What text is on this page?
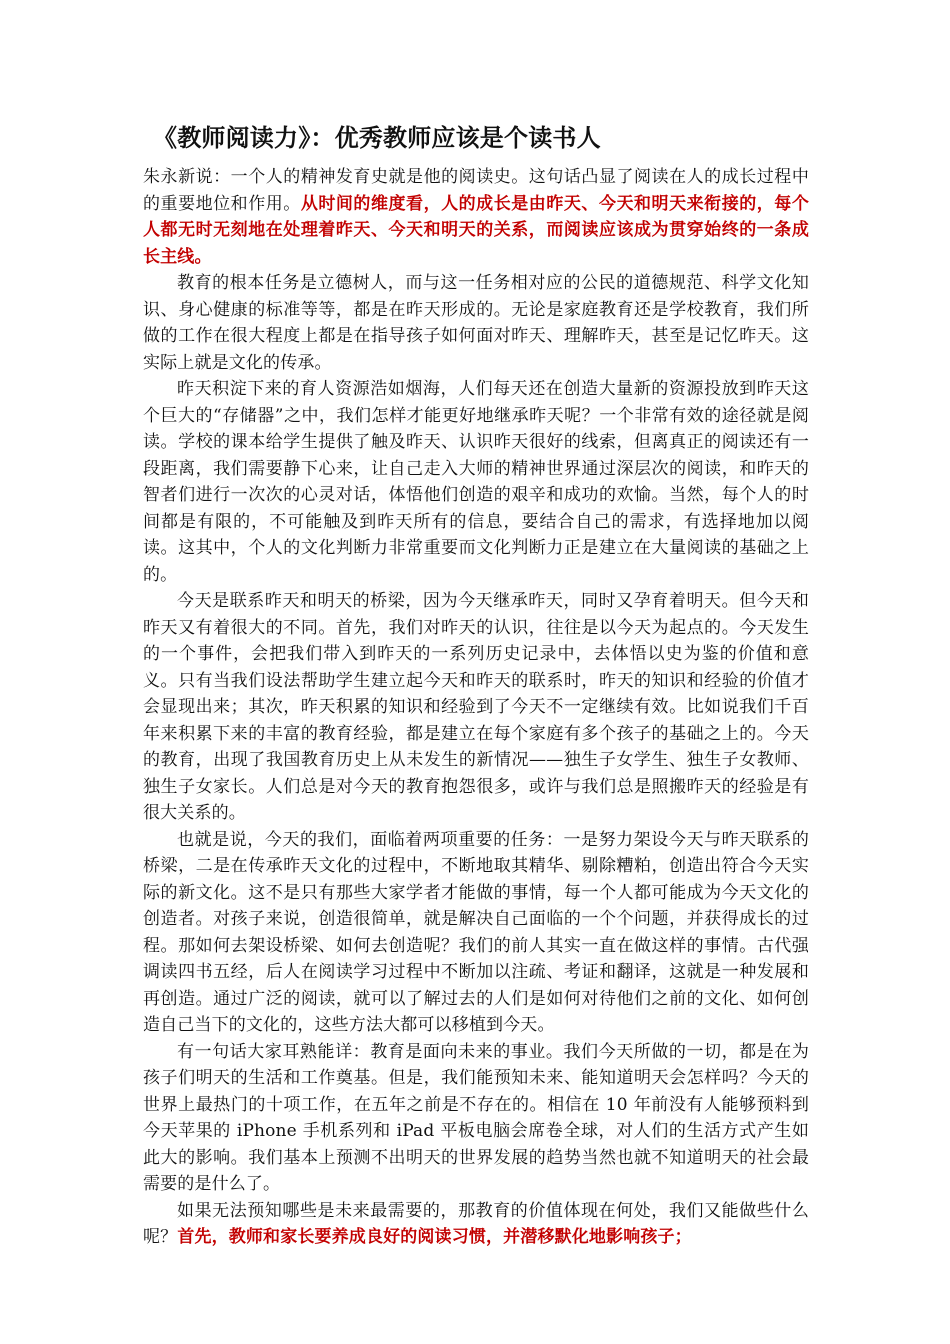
《教师阅读力》：优秀教师应该是个读书人

朱永新说：一个人的精神发育史就是他的阅读史。这句话凸显了阅读在人的成长过程中的重要地位和作用。从时间的维度看，人的成长是由昨天、今天和明天来衔接的，每个人都无时无刻地在处理着昨天、今天和明天的关系，而阅读应该成为贯穿始终的一条成长主线。

教育的根本任务是立德树人，而与这一任务相对应的公民的道德规范、科学文化知识、身心健康的标准等等，都是在昨天形成的。无论是家庭教育还是学校教育，我们所做的工作在很大程度上都是在指导孩子如何面对昨天、理解昨天，甚至是记忆昨天。这实际上就是文化的传承。

昨天积淀下来的育人资源浩如烟海，人们每天还在创造大量新的资源投放到昨天这个巨大的“存储器”之中，我们怎样才能更好地继承昨天呢？一个非常有效的途径就是阅读。学校的课本给学生提供了触及昨天、认识昨天很好的线索，但离真正的阅读还有一段距离，我们需要静下心来，让自己走入大师的精神世界通过深层次的阅读，和昨天的智者们进行一次次的心灵对话，体悟他们创造的艰辛和成功的欢愉。当然，每个人的时间都是有限的，不可能触及到昨天所有的信息，要结合自己的需求，有选择地加以阅读。这其中，个人的文化判断力非常重要而文化判断力正是建立在大量阅读的基础之上的。

今天是联系昨天和明天的桥梁，因为今天继承昨天，同时又孕育着明天。但今天和昨天又有着很大的不同。首先，我们对昨天的认识，往往是以今天为起点的。今天发生的一个事件，会把我们带入到昨天的一系列历史记录中，去体悟以史为鉴的价值和意义。只有当我们设法帮助学生建立起今天和昨天的联系时，昨天的知识和经验的价值才会显现出来；其次，昨天积累的知识和经验到了今天不一定继续有效。比如说我们千百年来积累下来的丰富的教育经验，都是建立在每个家庭有多个孩子的基础之上的。今天的教育，出现了我国教育历史上从未发生的新情况——独生子女学生、独生子女教师、独生子女家长。人们总是对今天的教育抱怨很多，或许与我们总是照搬昨天的经验是有很大关系的。

也就是说，今天的我们，面临着两项重要的任务：一是努力架设今天与昨天联系的桥梁，二是在传承昨天文化的过程中，不断地取其精华、剔除糟粕，创造出符合今天实际的新文化。这不是只有那些大家学者才能做的事情，每一个人都可能成为今天文化的创造者。对孩子来说，创造很简单，就是解决自己面临的一个个问题，并获得成长的过程。那如何去架设桥梁、如何去创造呢？我们的前人其实一直在做这样的事情。古代强调读四书五经，后人在阅读学习过程中不断加以注疏、考证和翻译，这就是一种发展和再创造。通过广泛的阅读，就可以了解过去的人们是如何对待他们之前的文化、如何创造自己当下的文化的，这些方法大都可以移植到今天。

有一句话大家耳熟能详：教育是面向未来的事业。我们今天所做的一切，都是在为孩子们明天的生活和工作奠基。但是，我们能预知未来、能知道明天会怎样吗？今天的世界上最热门的十项工作，在五年之前是不存在的。相信在 10 年前没有人能够预料到今天苹果的 iPhone 手机系列和 iPad 平板电脑会席卷全球，对人们的生活方式产生如此大的影响。我们基本上预测不出明天的世界发展的趋势当然也就不知道明天的社会最需要的是什么了。

如果无法预知哪些是未来最需要的，那教育的价值体现在何处，我们又能做些什么呢？首先，教师和家长要养成良好的阅读习惯，并潜移默化地影响孩子；
